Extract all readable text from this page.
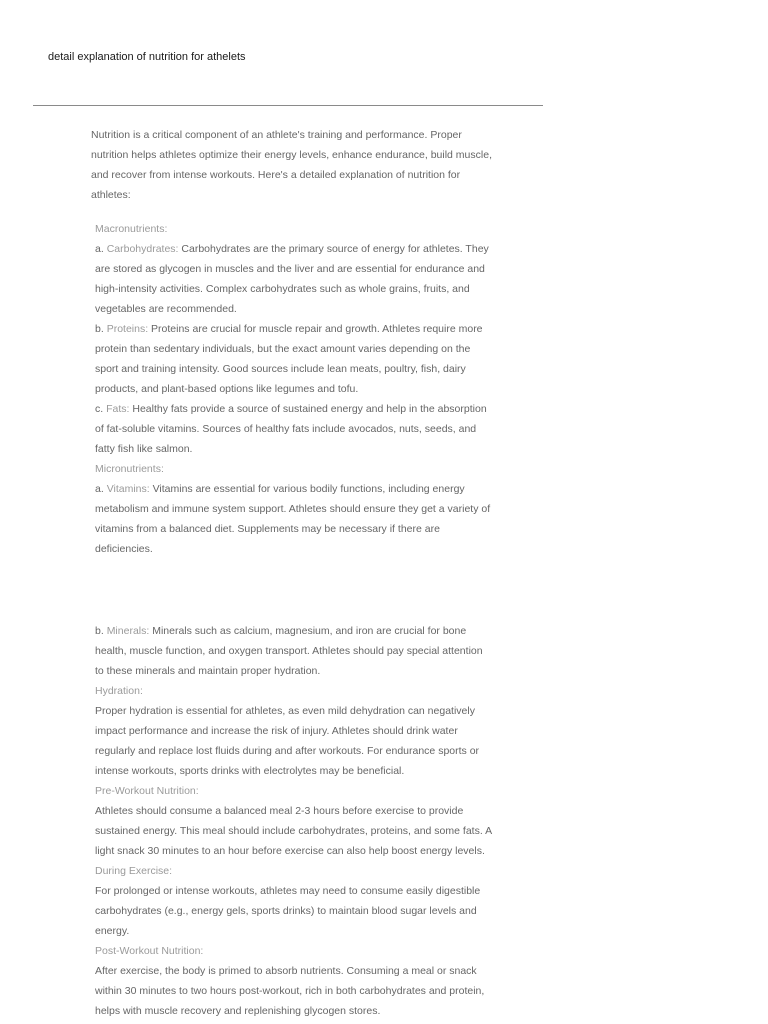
detail explanation of nutrition for athelets
Nutrition is a critical component of an athlete's training and performance. Proper
nutrition helps athletes optimize their energy levels, enhance endurance, build muscle,
and recover from intense workouts. Here's a detailed explanation of nutrition for
athletes:
Macronutrients:
a. Carbohydrates: Carbohydrates are the primary source of energy for athletes. They
are stored as glycogen in muscles and the liver and are essential for endurance and
high-intensity activities. Complex carbohydrates such as whole grains, fruits, and
vegetables are recommended.
b. Proteins: Proteins are crucial for muscle repair and growth. Athletes require more
protein than sedentary individuals, but the exact amount varies depending on the
sport and training intensity. Good sources include lean meats, poultry, fish, dairy
products, and plant-based options like legumes and tofu.
c. Fats: Healthy fats provide a source of sustained energy and help in the absorption
of fat-soluble vitamins. Sources of healthy fats include avocados, nuts, seeds, and
fatty fish like salmon.
Micronutrients:
a. Vitamins: Vitamins are essential for various bodily functions, including energy
metabolism and immune system support. Athletes should ensure they get a variety of
vitamins from a balanced diet. Supplements may be necessary if there are
deficiencies.
b. Minerals: Minerals such as calcium, magnesium, and iron are crucial for bone
health, muscle function, and oxygen transport. Athletes should pay special attention
to these minerals and maintain proper hydration.
Hydration:
Proper hydration is essential for athletes, as even mild dehydration can negatively
impact performance and increase the risk of injury. Athletes should drink water
regularly and replace lost fluids during and after workouts. For endurance sports or
intense workouts, sports drinks with electrolytes may be beneficial.
Pre-Workout Nutrition:
Athletes should consume a balanced meal 2-3 hours before exercise to provide
sustained energy. This meal should include carbohydrates, proteins, and some fats. A
light snack 30 minutes to an hour before exercise can also help boost energy levels.
During Exercise:
For prolonged or intense workouts, athletes may need to consume easily digestible
carbohydrates (e.g., energy gels, sports drinks) to maintain blood sugar levels and
energy.
Post-Workout Nutrition:
After exercise, the body is primed to absorb nutrients. Consuming a meal or snack
within 30 minutes to two hours post-workout, rich in both carbohydrates and protein,
helps with muscle recovery and replenishing glycogen stores.
